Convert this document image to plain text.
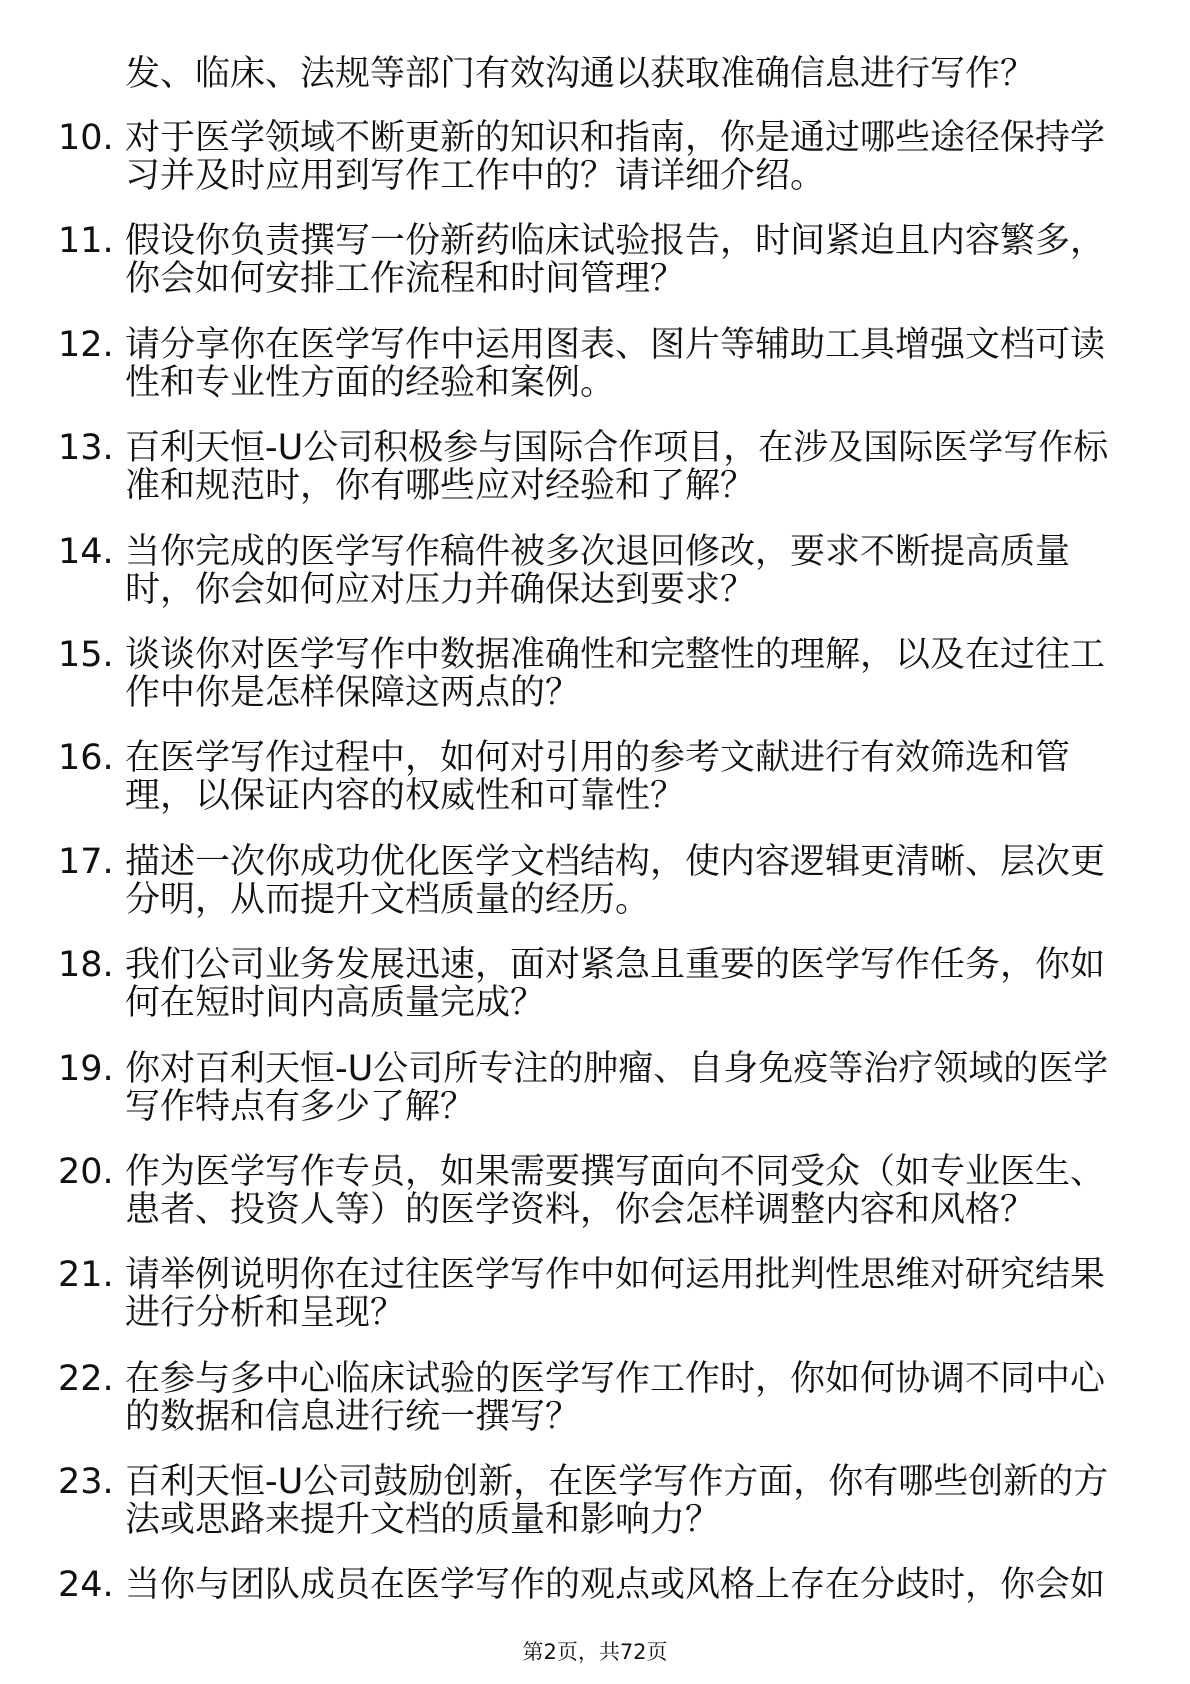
发、临床、法规等部门有效沟通以获取准确信息进行写作？
10. 对于医学领域不断更新的知识和指南，你是通过哪些途径保持学
习并及时应用到写作工作中的？请详细介绍。
11. 假设你负责撰写一份新药临床试验报告，时间紧迫且内容繁多，
你会如何安排工作流程和时间管理？
12. 请分享你在医学写作中运用图表、图片等辅助工具增强文档可读
性和专业性方面的经验和案例。
13. 百利天恒-U公司积极参与国际合作项目，在涉及国际医学写作标
准和规范时，你有哪些应对经验和了解？
14. 当你完成的医学写作稿件被多次退回修改，要求不断提高质量
时，你会如何应对压力并确保达到要求？
15. 谈谈你对医学写作中数据准确性和完整性的理解，以及在过往工
作中你是怎样保障这两点的？
16. 在医学写作过程中，如何对引用的参考文献进行有效筛选和管
理，以保证内容的权威性和可靠性？
17. 描述一次你成功优化医学文档结构，使内容逻辑更清晰、层次更
分明，从而提升文档质量的经历。
18. 我们公司业务发展迅速，面对紧急且重要的医学写作任务，你如
何在短时间内高质量完成？
19. 你对百利天恒-U公司所专注的肿瘤、自身免疫等治疗领域的医学
写作特点有多少了解？
20. 作为医学写作专员，如果需要撰写面向不同受众（如专业医生、
患者、投资人等）的医学资料，你会怎样调整内容和风格？
21. 请举例说明你在过往医学写作中如何运用批判性思维对研究结果
进行分析和呈现？
22. 在参与多中心临床试验的医学写作工作时，你如何协调不同中心
的数据和信息进行统一撰写？
23. 百利天恒-U公司鼓励创新，在医学写作方面，你有哪些创新的方
法或思路来提升文档的质量和影响力？
24. 当你与团队成员在医学写作的观点或风格上存在分歧时，你会如
第2页，共72页
